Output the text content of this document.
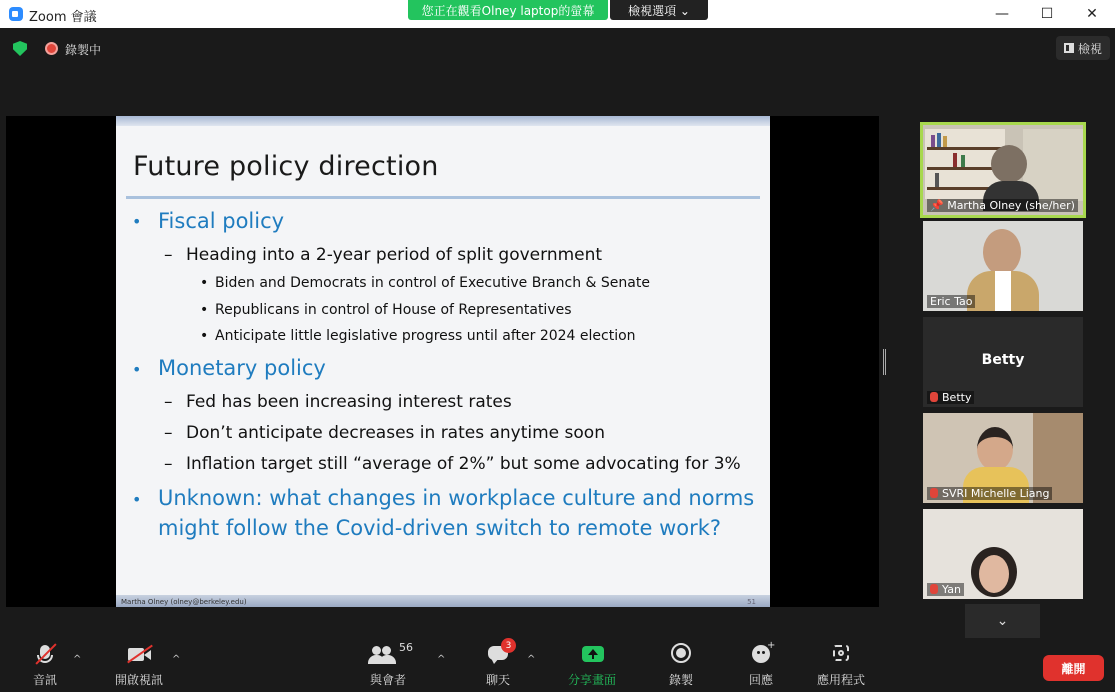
Zoom 會議	您正在觀看Olney laptop的螢幕	檢視選項 ⌄	—	☐	✕
錄製中	檢視
Future policy direction
• Fiscal policy
– Heading into a 2-year period of split government
• Biden and Democrats in control of Executive Branch & Senate
• Republicans in control of House of Representatives
• Anticipate little legislative progress until after 2024 election
• Monetary policy
– Fed has been increasing interest rates
– Don’t anticipate decreases in rates anytime soon
– Inflation target still “average of 2%” but some advocating for 3%
• Unknown: what changes in workplace culture and norms
might follow the Covid-driven switch to remote work?
Martha Olney (olney@berkeley.edu)	51
📌 Martha Olney (she/her)
Eric Tao
Betty
Betty
SVRI Michelle Liang
Yan
⌄
音訊
^
開啟視訊
^
56
與會者
^
3
聊天
^
分享畫面	錄製
+
回應	應用程式
離開
